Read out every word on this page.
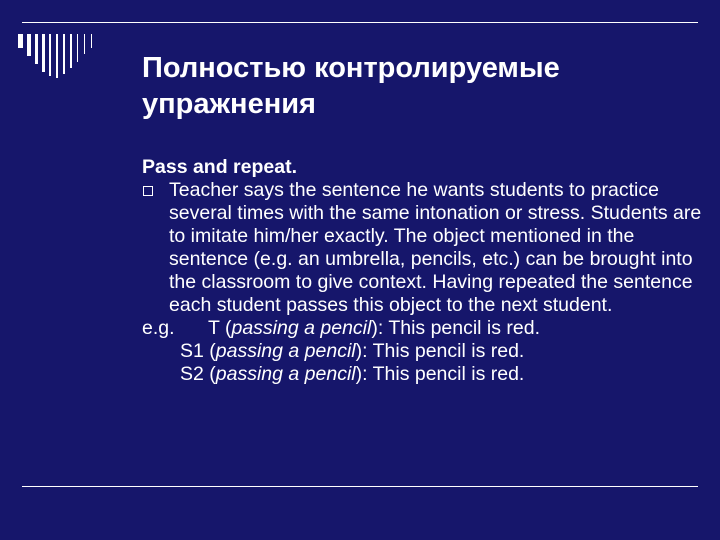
Полностью контролируемые
упражнения
Pass and repeat.
Teacher says the sentence he wants students to practice several times with the same intonation or stress. Students are to imitate him/her exactly. The object mentioned in the sentence (e.g. an umbrella, pencils, etc.) can be brought into the classroom to give context. Having repeated the sentence each student passes this object to the next student.
e.g. T (passing a pencil): This pencil is red.
S1 (passing a pencil): This pencil is red.
S2 (passing a pencil): This pencil is red.
